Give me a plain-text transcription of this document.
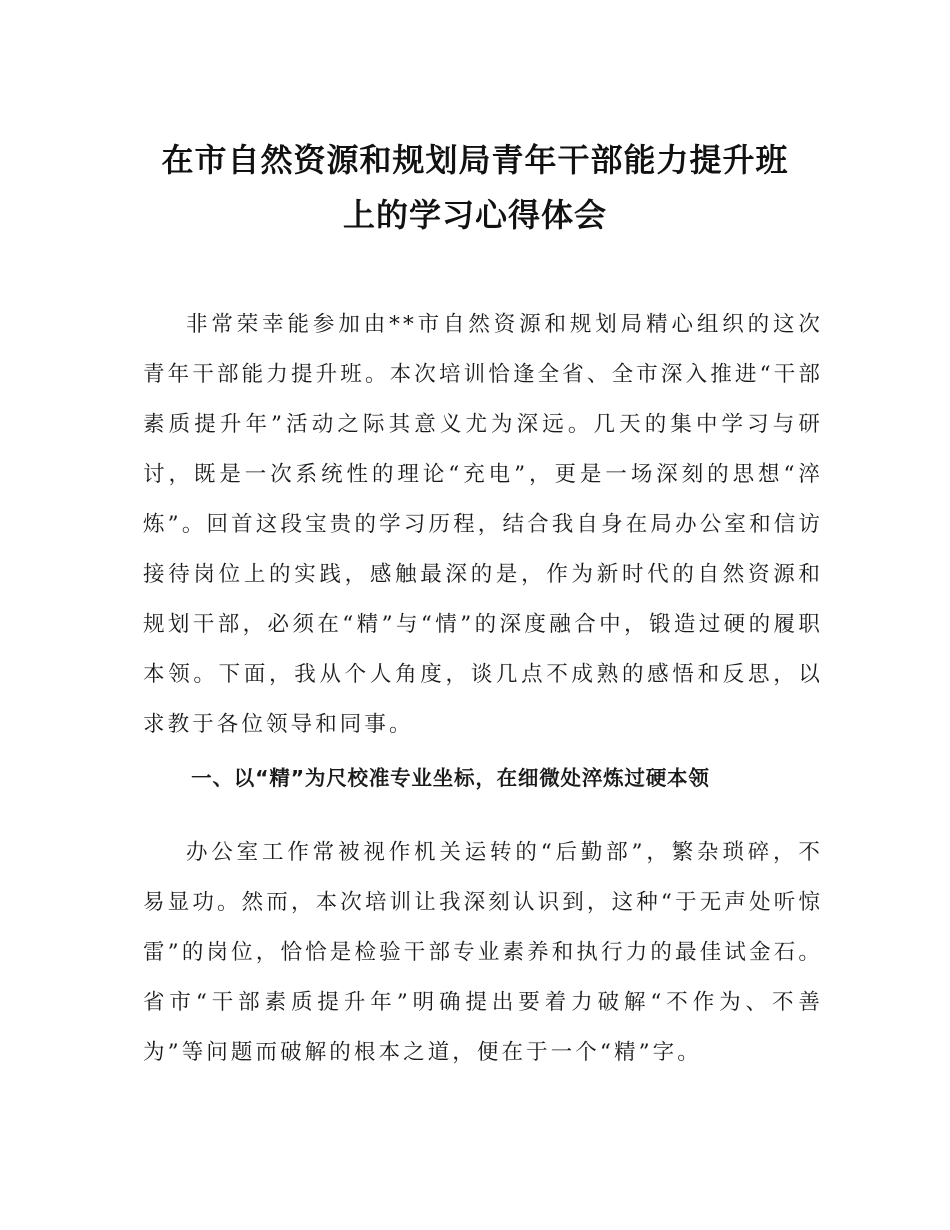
在市自然资源和规划局青年干部能力提升班
上的学习心得体会

非常荣幸能参加由**市自然资源和规划局精心组织的这次青年干部能力提升班。本次培训恰逢全省、全市深入推进“干部素质提升年”活动之际其意义尤为深远。几天的集中学习与研讨，既是一次系统性的理论“充电”，更是一场深刻的思想“淬炼”。回首这段宝贵的学习历程，结合我自身在局办公室和信访接待岗位上的实践，感触最深的是，作为新时代的自然资源和规划干部，必须在“精”与“情”的深度融合中，锻造过硬的履职本领。下面，我从个人角度，谈几点不成熟的感悟和反思，以求教于各位领导和同事。

一、以“精”为尺校准专业坐标，在细微处淬炼过硬本领

办公室工作常被视作机关运转的“后勤部”，繁杂琐碎，不易显功。然而，本次培训让我深刻认识到，这种“于无声处听惊雷”的岗位，恰恰是检验干部专业素养和执行力的最佳试金石。省市“干部素质提升年”明确提出要着力破解“不作为、不善为”等问题而破解的根本之道，便在于一个“精”字。
